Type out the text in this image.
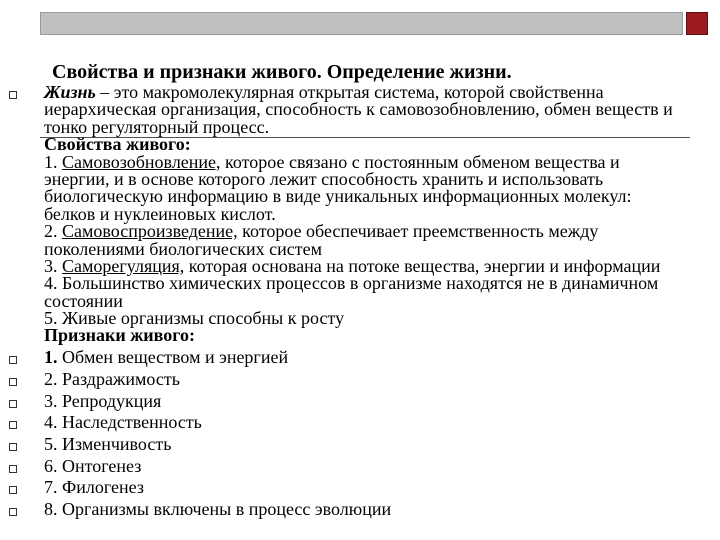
Свойства и признаки живого. Определение жизни.
Жизнь – это макромолекулярная открытая система, которой свойственна
иерархическая организация, способность к самовозобновлению, обмен веществ и
тонко регуляторный процесс.
Свойства живого:
1. Самовозобновление, которое связано с постоянным обменом вещества и
энергии, и в основе которого лежит способность хранить и использовать
биологическую информацию в виде уникальных информационных молекул:
белков и нуклеиновых кислот.
2. Самовоспроизведение, которое обеспечивает преемственность между
поколениями биологических систем
3. Саморегуляция, которая основана на потоке вещества, энергии и информации
4. Большинство химических процессов в организме находятся не в динамичном
состоянии
5. Живые организмы способны к росту
Признаки живого:
1. Обмен веществом и энергией
2. Раздражимость
3. Репродукция
4. Наследственность
5. Изменчивость
6. Онтогенез
7. Филогенез
8. Организмы включены в процесс эволюции
